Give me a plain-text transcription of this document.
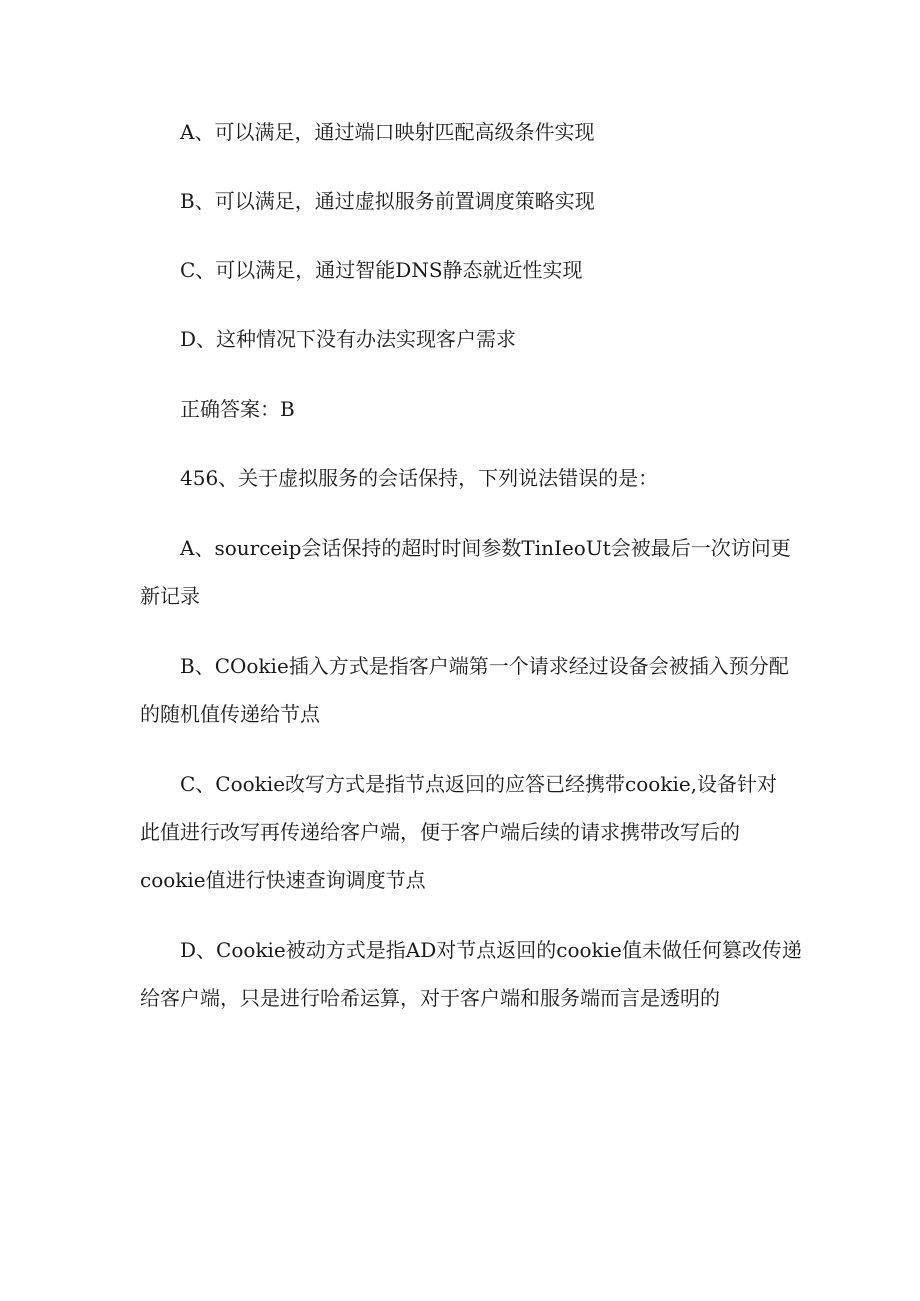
A、可以满足，通过端口映射匹配高级条件实现
B、可以满足，通过虚拟服务前置调度策略实现
C、可以满足，通过智能DNS静态就近性实现
D、这种情况下没有办法实现客户需求
正确答案：B
456、关于虚拟服务的会话保持，下列说法错误的是：
A、sourceip会话保持的超时时间参数TinIeoUt会被最后一次访问更
新记录
B、COokie插入方式是指客户端第一个请求经过设备会被插入预分配
的随机值传递给节点
C、Cookie改写方式是指节点返回的应答已经携带cookie,设备针对
此值进行改写再传递给客户端，便于客户端后续的请求携带改写后的
cookie值进行快速查询调度节点
D、Cookie被动方式是指AD对节点返回的cookie值未做任何篡改传递
给客户端，只是进行哈希运算，对于客户端和服务端而言是透明的
